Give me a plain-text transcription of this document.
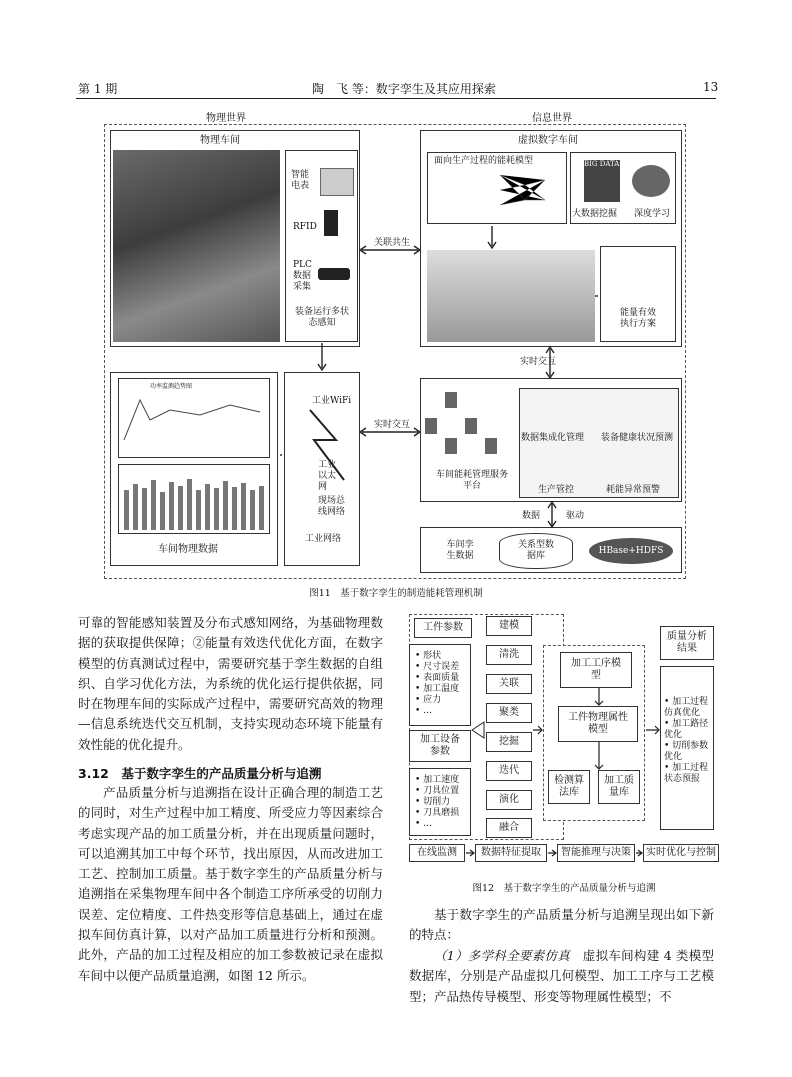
第 1 期	陶　飞 等：数字孪生及其应用探索	13
物理世界	信息世界
物理车间
智能电表
RFID
PLC数据采集
装备运行多状态感知
功率监测趋势图
车间物理数据
工业WiFi
工业以太网
现场总线网络
工业网络
关联共生
实时交互
实时交互
虚拟数字车间
面向生产过程的能耗模型	BIG DATA
大数据挖掘 深度学习
能量有效执行方案
车间能耗管理服务平台
数据集成化管理 装备健康状况预测
生产管控	耗能异常预警
数据	驱动
车间孪生数据
关系型数据库
HBase+HDFS
图11　基于数字孪生的制造能耗管理机制

可靠的智能感知装置及分布式感知网络，为基础物理数据的获取提供保障；②能量有效迭代优化方面，在数字模型的仿真测试过程中，需要研究基于孪生数据的自组织、自学习优化方法，为系统的优化运行提供依据，同时在物理车间的实际成产过程中，需要研究高效的物理—信息系统迭代交互机制，支持实现动态环境下能量有效性能的优化提升。

3.12　基于数字孪生的产品质量分析与追溯

产品质量分析与追溯指在设计正确合理的制造工艺的同时，对生产过程中加工精度、所受应力等因素综合考虑实现产品的加工质量分析，并在出现质量问题时，可以追溯其加工中每个环节，找出原因，从而改进加工工艺、控制加工质量。基于数字孪生的产品质量分析与追溯指在采集物理车间中各个制造工序所承受的切削力误差、定位精度、工件热变形等信息基础上，通过在虚拟车间仿真计算，以对产品加工质量进行分析和预测。此外，产品的加工过程及相应的加工参数被记录在虚拟车间中以便产品质量追溯，如图 12 所示。

工件参数
• 形状
• 尺寸误差
• 表面质量
• 加工温度
• 应力
• …
加工设备参数
• 加工速度
• 刀具位置
• 切削力
• 刀具磨损
• …
建模
清洗
关联
聚类
挖掘
迭代
演化
融合
加工工序模型
工件物理属性模型
检测算法库
加工质量库
质量分析结果
• 加工过程仿真优化
• 加工路径优化
• 切削参数优化
• 加工过程状态预报
在线监测 数据特征提取 智能推理与决策 实时优化与控制
图12　基于数字孪生的产品质量分析与追溯

基于数字孪生的产品质量分析与追溯呈现出如下新的特点：

（1）多学科全要素仿真　虚拟车间构建 4 类模型数据库，分别是产品虚拟几何模型、加工工序与工艺模型；产品热传导模型、形变等物理属性模型；不
